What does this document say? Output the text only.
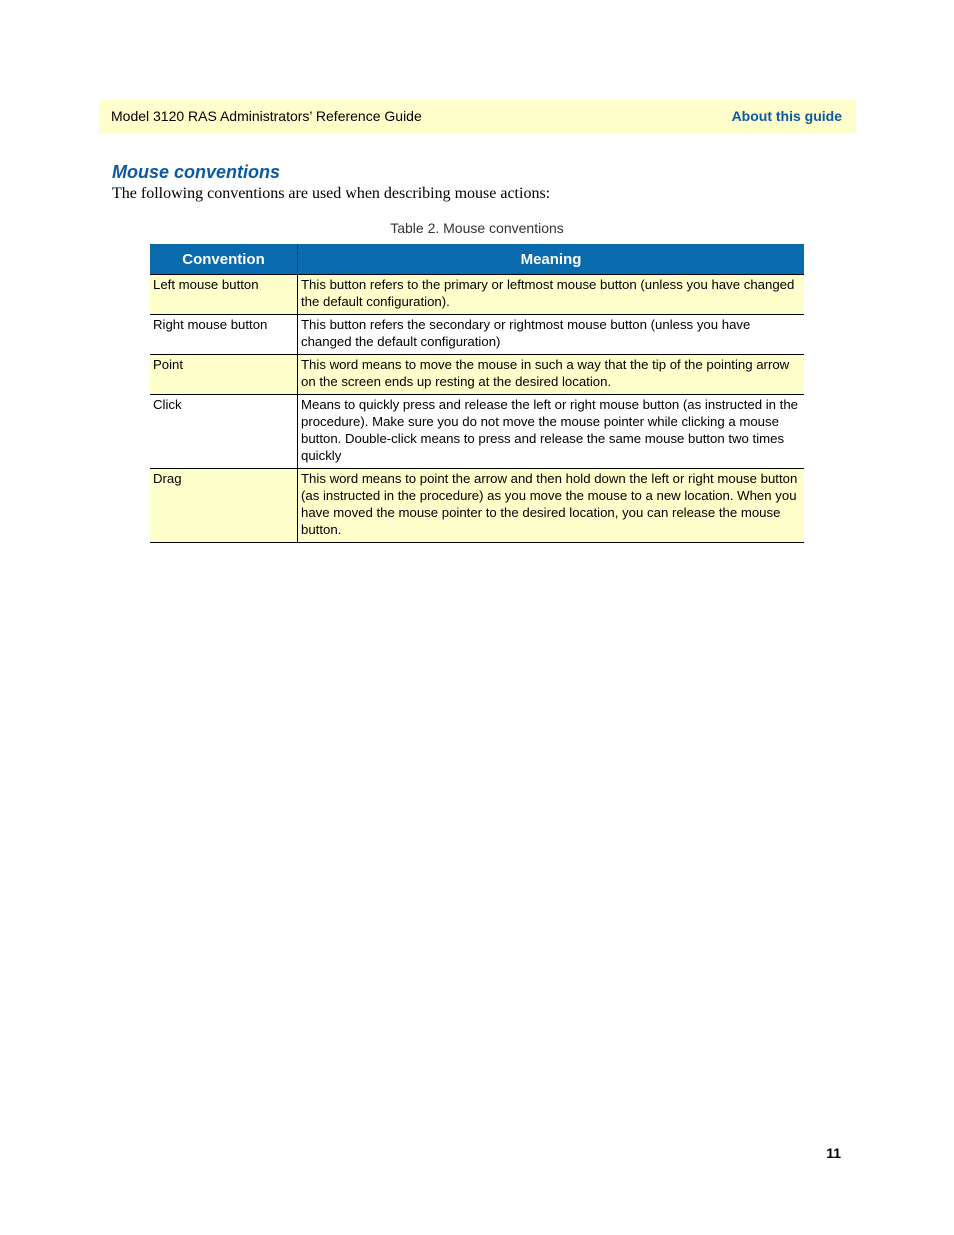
Model 3120 RAS Administrators’ Reference Guide	About this guide
Mouse conventions
The following conventions are used when describing mouse actions:
Table 2. Mouse conventions
Convention	Meaning
Left mouse button	This button refers to the primary or leftmost mouse button (unless you have changed the default configuration).
Right mouse button	This button refers the secondary or rightmost mouse button (unless you have changed the default configuration)
Point	This word means to move the mouse in such a way that the tip of the pointing arrow on the screen ends up resting at the desired location.
Click	Means to quickly press and release the left or right mouse button (as instructed in the procedure). Make sure you do not move the mouse pointer while clicking a mouse button. Double-click means to press and release the same mouse button two times quickly
Drag	This word means to point the arrow and then hold down the left or right mouse button (as instructed in the procedure) as you move the mouse to a new location. When you have moved the mouse pointer to the desired location, you can release the mouse button.
11
